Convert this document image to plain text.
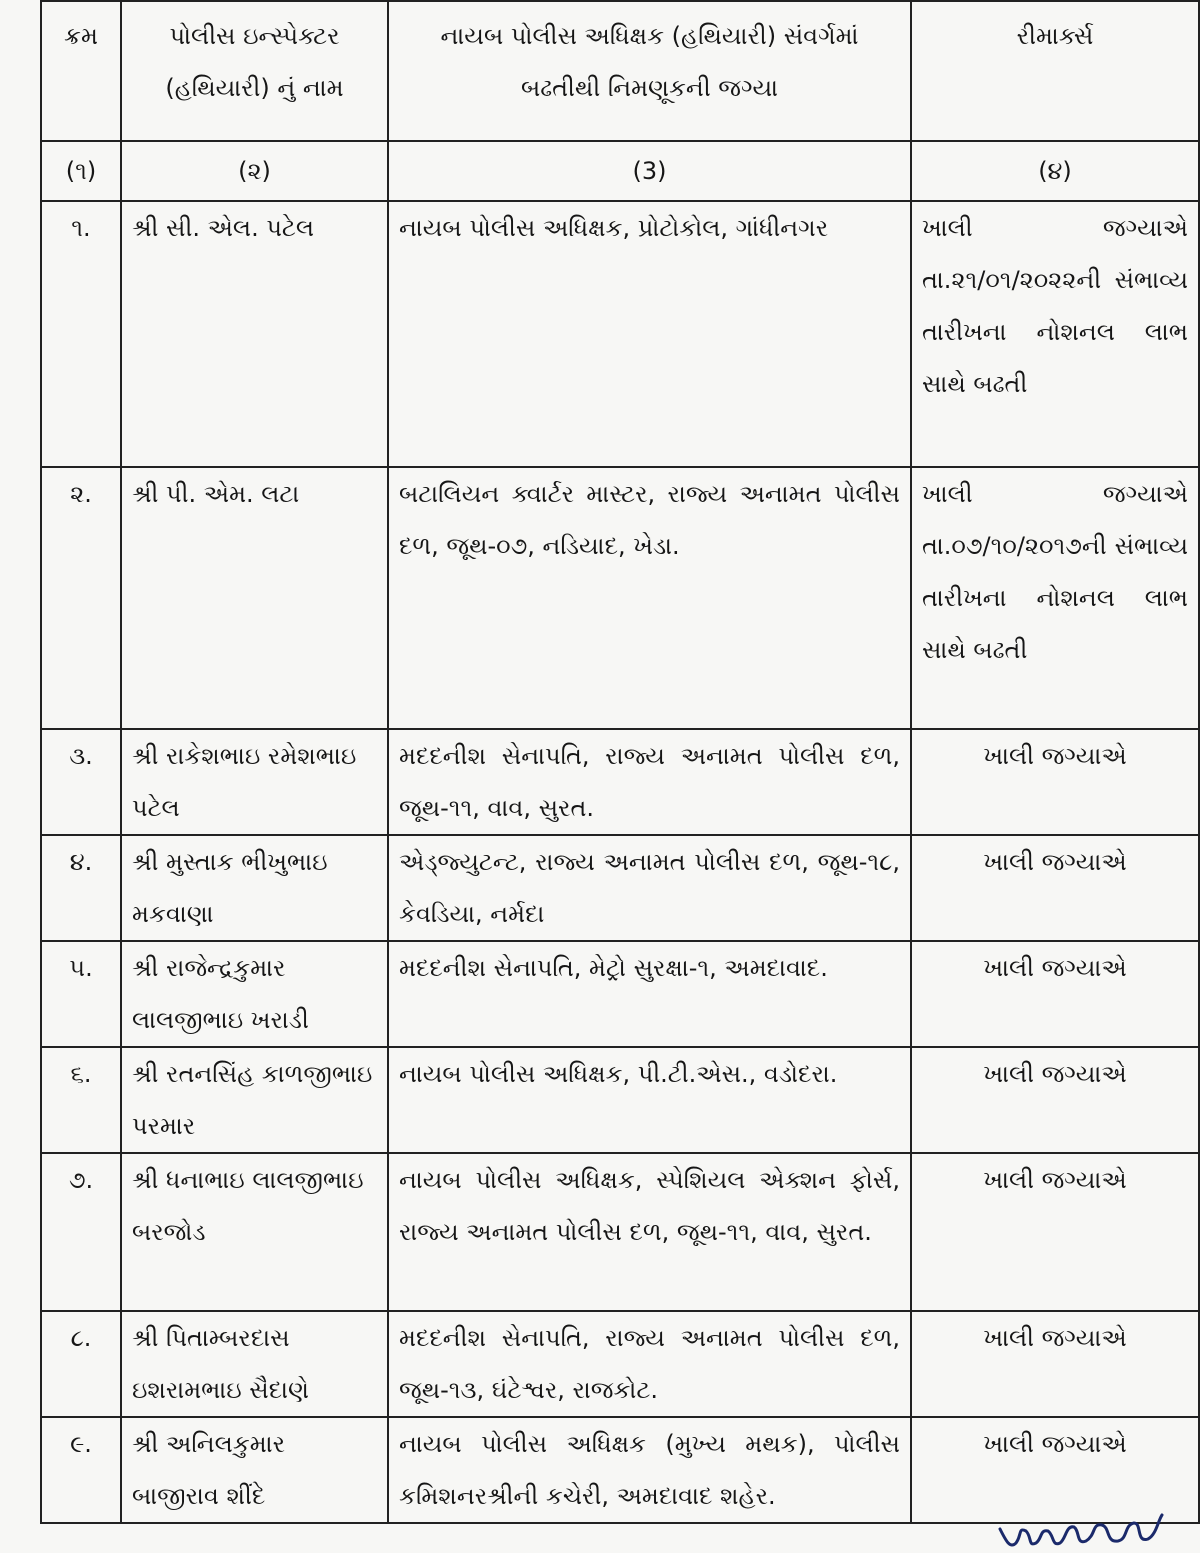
ક્રમ	પોલીસ ઇન્સ્પેક્ટર (હથિયારી) નું નામ	નાયબ પોલીસ અધિક્ષક (હથિયારી) સંવર્ગમાં બઢતીથી નિમણૂકની જગ્યા	રીમાર્ક્સ
(૧)	(૨)	(3)	(૪)
૧.	શ્રી સી. એલ. પટેલ	નાયબ પોલીસ અધિક્ષક, પ્રોટોકોલ, ગાંધીનગર	ખાલી જગ્યાએ તા.૨૧/૦૧/૨૦૨૨ની સંભાવ્ય તારીખના નોશનલ લાભ સાથે બઢતી
૨.	શ્રી પી. એમ. લટા	બટાલિયન ક્વાર્ટર માસ્ટર, રાજ્ય અનામત પોલીસ દળ, જૂથ-૦૭, નડિયાદ, ખેડા.	ખાલી જગ્યાએ તા.૦૭/૧૦/૨૦૧૭ની સંભાવ્ય તારીખના નોશનલ લાભ સાથે બઢતી
૩.	શ્રી રાકેશભાઇ રમેશભાઇ પટેલ	મદદનીશ સેનાપતિ, રાજ્ય અનામત પોલીસ દળ, જૂથ-૧૧, વાવ, સુરત.	ખાલી જગ્યાએ
૪.	શ્રી મુસ્તાક ભીખુભાઇ મકવાણા	એડ્જ્યુટન્ટ, રાજ્ય અનામત પોલીસ દળ, જૂથ-૧૮, કેવડિયા, નર્મદા	ખાલી જગ્યાએ
૫.	શ્રી રાજેન્દ્રકુમાર લાલજીભાઇ ખરાડી	મદદનીશ સેનાપતિ, મેટ્રો સુરક્ષા-૧, અમદાવાદ.	ખાલી જગ્યાએ
૬.	શ્રી રતનસિંહ કાળજીભાઇ પરમાર	નાયબ પોલીસ અધિક્ષક, પી.ટી.એસ., વડોદરા.	ખાલી જગ્યાએ
૭.	શ્રી ધનાભાઇ લાલજીભાઇ બરજોડ	નાયબ પોલીસ અધિક્ષક, સ્પેશિયલ એક્શન ફોર્સ, રાજ્ય અનામત પોલીસ દળ, જૂથ-૧૧, વાવ, સુરત.	ખાલી જગ્યાએ
૮.	શ્રી પિતામ્બરદાસ ઇશરામભાઇ સૈદાણે	મદદનીશ સેનાપતિ, રાજ્ય અનામત પોલીસ દળ, જૂથ-૧૩, ઘંટેશ્વર, રાજકોટ.	ખાલી જગ્યાએ
૯.	શ્રી અનિલકુમાર બાજીરાવ શીંદે	નાયબ પોલીસ અધિક્ષક (મુખ્ય મથક), પોલીસ કમિશનરશ્રીની કચેરી, અમદાવાદ શહેર.	ખાલી જગ્યાએ
